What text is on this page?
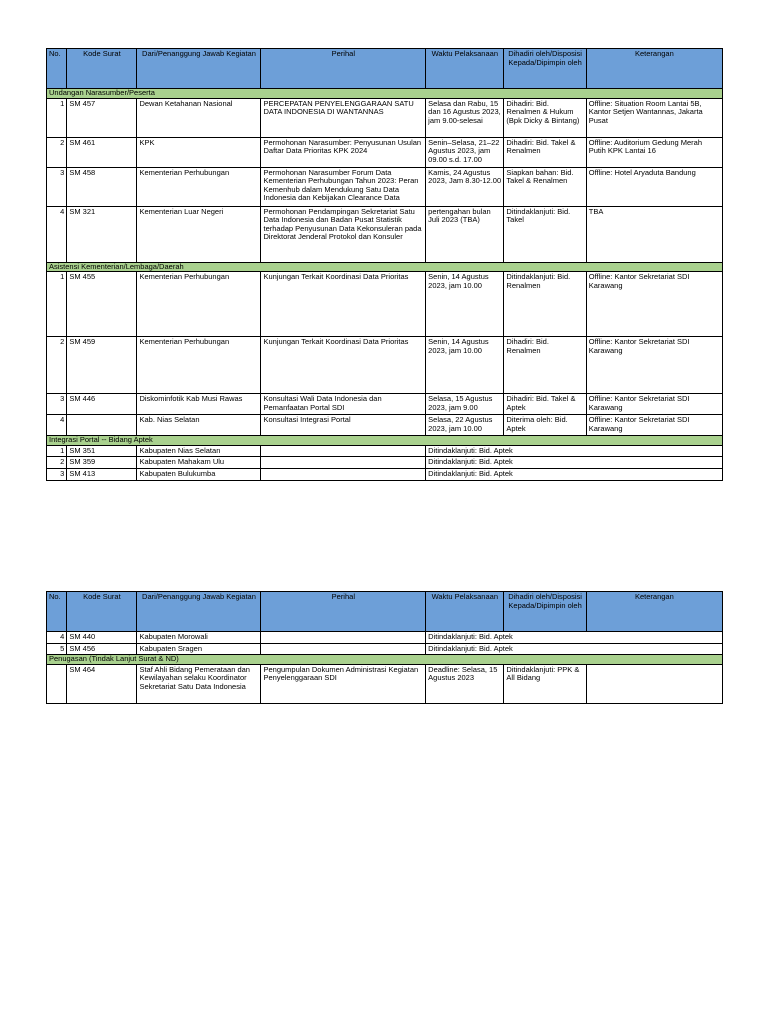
No.	Kode Surat	Dari/Penanggung Jawab Kegiatan	Perihal	Waktu Pelaksanaan	Dihadiri oleh/Disposisi Kepada/Dipimpin oleh	Keterangan
Undangan Narasumber/Peserta						
1	SM 457	Dewan Ketahanan Nasional	PERCEPATAN PENYELENGGARAAN SATU DATA INDONESIA DI WANTANNAS	Selasa dan Rabu, 15 dan 16 Agustus 2023, jam 9.00-selesai	Dihadiri: Bid. Renalmen & Hukum (Bpk Dicky & Bintang)	Offline: Situation Room Lantai 5B, Kantor Setjen Wantannas, Jakarta Pusat
2	SM 461	KPK	Permohonan Narasumber: Penyusunan Usulan Daftar Data Prioritas KPK 2024	Senin–Selasa, 21–22 Agustus 2023, jam 09.00 s.d. 17.00	Dihadiri: Bid. Takel & Renalmen	Offline: Auditorium Gedung Merah Putih KPK Lantai 16
3	SM 458	Kementerian Perhubungan	Permohonan Narasumber Forum Data Kementerian Perhubungan Tahun 2023: Peran Kemenhub dalam Mendukung Satu Data Indonesia dan Kebijakan Clearance Data	Kamis, 24 Agustus 2023, Jam 8.30-12.00	Siapkan bahan: Bid. Takel & Renalmen	Offline: Hotel Aryaduta Bandung
4	SM 321	Kementerian Luar Negeri	Permohonan Pendampingan Sekretariat Satu Data Indonesia dan Badan Pusat Statistik terhadap Penyusunan Data Kekonsuleran pada Direktorat Jenderal Protokol dan Konsuler	pertengahan bulan Juli 2023 (TBA)	Ditindaklanjuti: Bid. Takel	TBA
Asistensi Kementerian/Lembaga/Daerah						
1	SM 455	Kementerian Perhubungan	Kunjungan Terkait Koordinasi Data Prioritas	Senin, 14 Agustus 2023, jam 10.00	Ditindaklanjuti: Bid. Renalmen	Offline: Kantor Sekretariat SDI Karawang
2	SM 459	Kementerian Perhubungan	Kunjungan Terkait Koordinasi Data Prioritas	Senin, 14 Agustus 2023, jam 10.00	Dihadiri: Bid. Renalmen	Offline: Kantor Sekretariat SDI Karawang
3	SM 446	Diskominfotik Kab Musi Rawas	Konsultasi Wali Data Indonesia dan Pemanfaatan Portal SDI	Selasa, 15 Agustus 2023, jam 9.00	Dihadiri: Bid. Takel & Aptek	Offline: Kantor Sekretariat SDI Karawang
4		Kab. Nias Selatan	Konsultasi Integrasi Portal	Selasa, 22 Agustus 2023, jam 10.00	Diterima oleh: Bid. Aptek	Offline: Kantor Sekretariat SDI Karawang
Integrasi Portal -- Bidang Aptek						
1	SM 351	Kabupaten Nias Selatan		Ditindaklanjuti: Bid. Aptek		
2	SM 359	Kabupaten Mahakam Ulu		Ditindaklanjuti: Bid. Aptek		
3	SM 413	Kabupaten Bulukumba		Ditindaklanjuti: Bid. Aptek		
No.	Kode Surat	Dari/Penanggung Jawab Kegiatan	Perihal	Waktu Pelaksanaan	Dihadiri oleh/Disposisi Kepada/Dipimpin oleh	Keterangan
4	SM 440	Kabupaten Morowali		Ditindaklanjuti: Bid. Aptek		
5	SM 456	Kabupaten Sragen		Ditindaklanjuti: Bid. Aptek		
Penugasan (Tindak Lanjut Surat & ND)						
	SM 464	Staf Ahli Bidang Pemerataan dan Kewilayahan selaku Koordinator Sekretariat Satu Data Indonesia	Pengumpulan Dokumen Administrasi Kegiatan Penyelenggaraan SDI	Deadline: Selasa, 15 Agustus 2023	Ditindaklanjuti: PPK & All Bidang	
